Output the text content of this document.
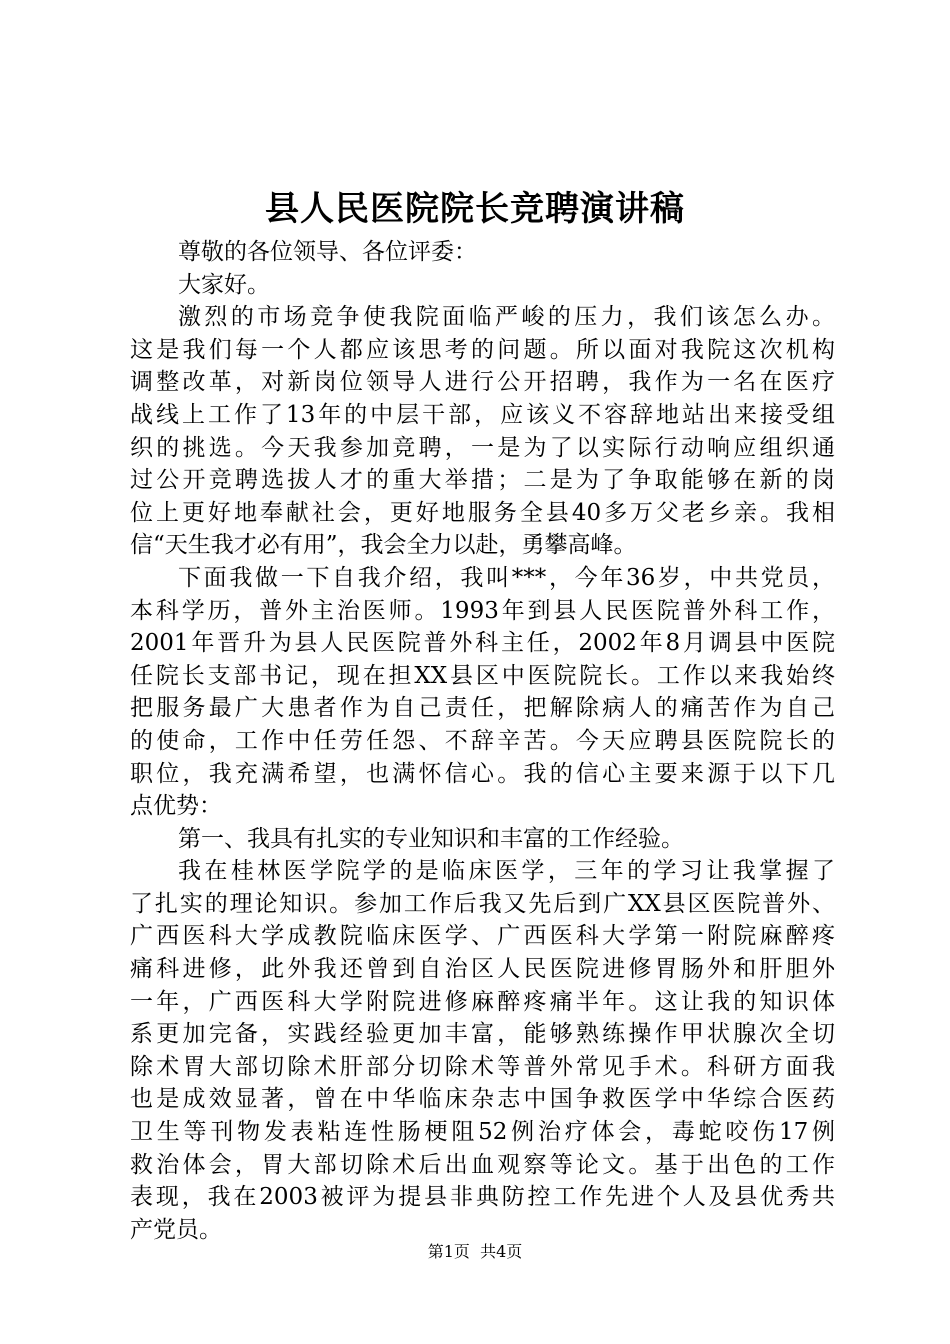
县人民医院院长竞聘演讲稿
尊敬的各位领导、各位评委：
大家好。
激烈的市场竞争使我院面临严峻的压力，我们该怎么办。
这是我们每一个人都应该思考的问题。所以面对我院这次机构
调整改革，对新岗位领导人进行公开招聘，我作为一名在医疗
战线上工作了13年的中层干部，应该义不容辞地站出来接受组
织的挑选。今天我参加竞聘，一是为了以实际行动响应组织通
过公开竞聘选拔人才的重大举措；二是为了争取能够在新的岗
位上更好地奉献社会，更好地服务全县40多万父老乡亲。我相
信“天生我才必有用”，我会全力以赴，勇攀高峰。
下面我做一下自我介绍，我叫***，今年36岁，中共党员，
本科学历，普外主治医师。1993年到县人民医院普外科工作，
2001年晋升为县人民医院普外科主任，2002年8月调县中医院
任院长支部书记，现在担XX县区中医院院长。工作以来我始终
把服务最广大患者作为自己责任，把解除病人的痛苦作为自己
的使命，工作中任劳任怨、不辞辛苦。今天应聘县医院院长的
职位，我充满希望，也满怀信心。我的信心主要来源于以下几
点优势：
第一、我具有扎实的专业知识和丰富的工作经验。
我在桂林医学院学的是临床医学，三年的学习让我掌握了
了扎实的理论知识。参加工作后我又先后到广XX县区医院普外、
广西医科大学成教院临床医学、广西医科大学第一附院麻醉疼
痛科进修，此外我还曾到自治区人民医院进修胃肠外和肝胆外
一年，广西医科大学附院进修麻醉疼痛半年。这让我的知识体
系更加完备，实践经验更加丰富，能够熟练操作甲状腺次全切
除术胃大部切除术肝部分切除术等普外常见手术。科研方面我
也是成效显著，曾在中华临床杂志中国争救医学中华综合医药
卫生等刊物发表粘连性肠梗阻52例治疗体会，毒蛇咬伤17例
救治体会，胃大部切除术后出血观察等论文。基于出色的工作
表现，我在2003被评为提县非典防控工作先进个人及县优秀共
产党员。
第1页  共4页
